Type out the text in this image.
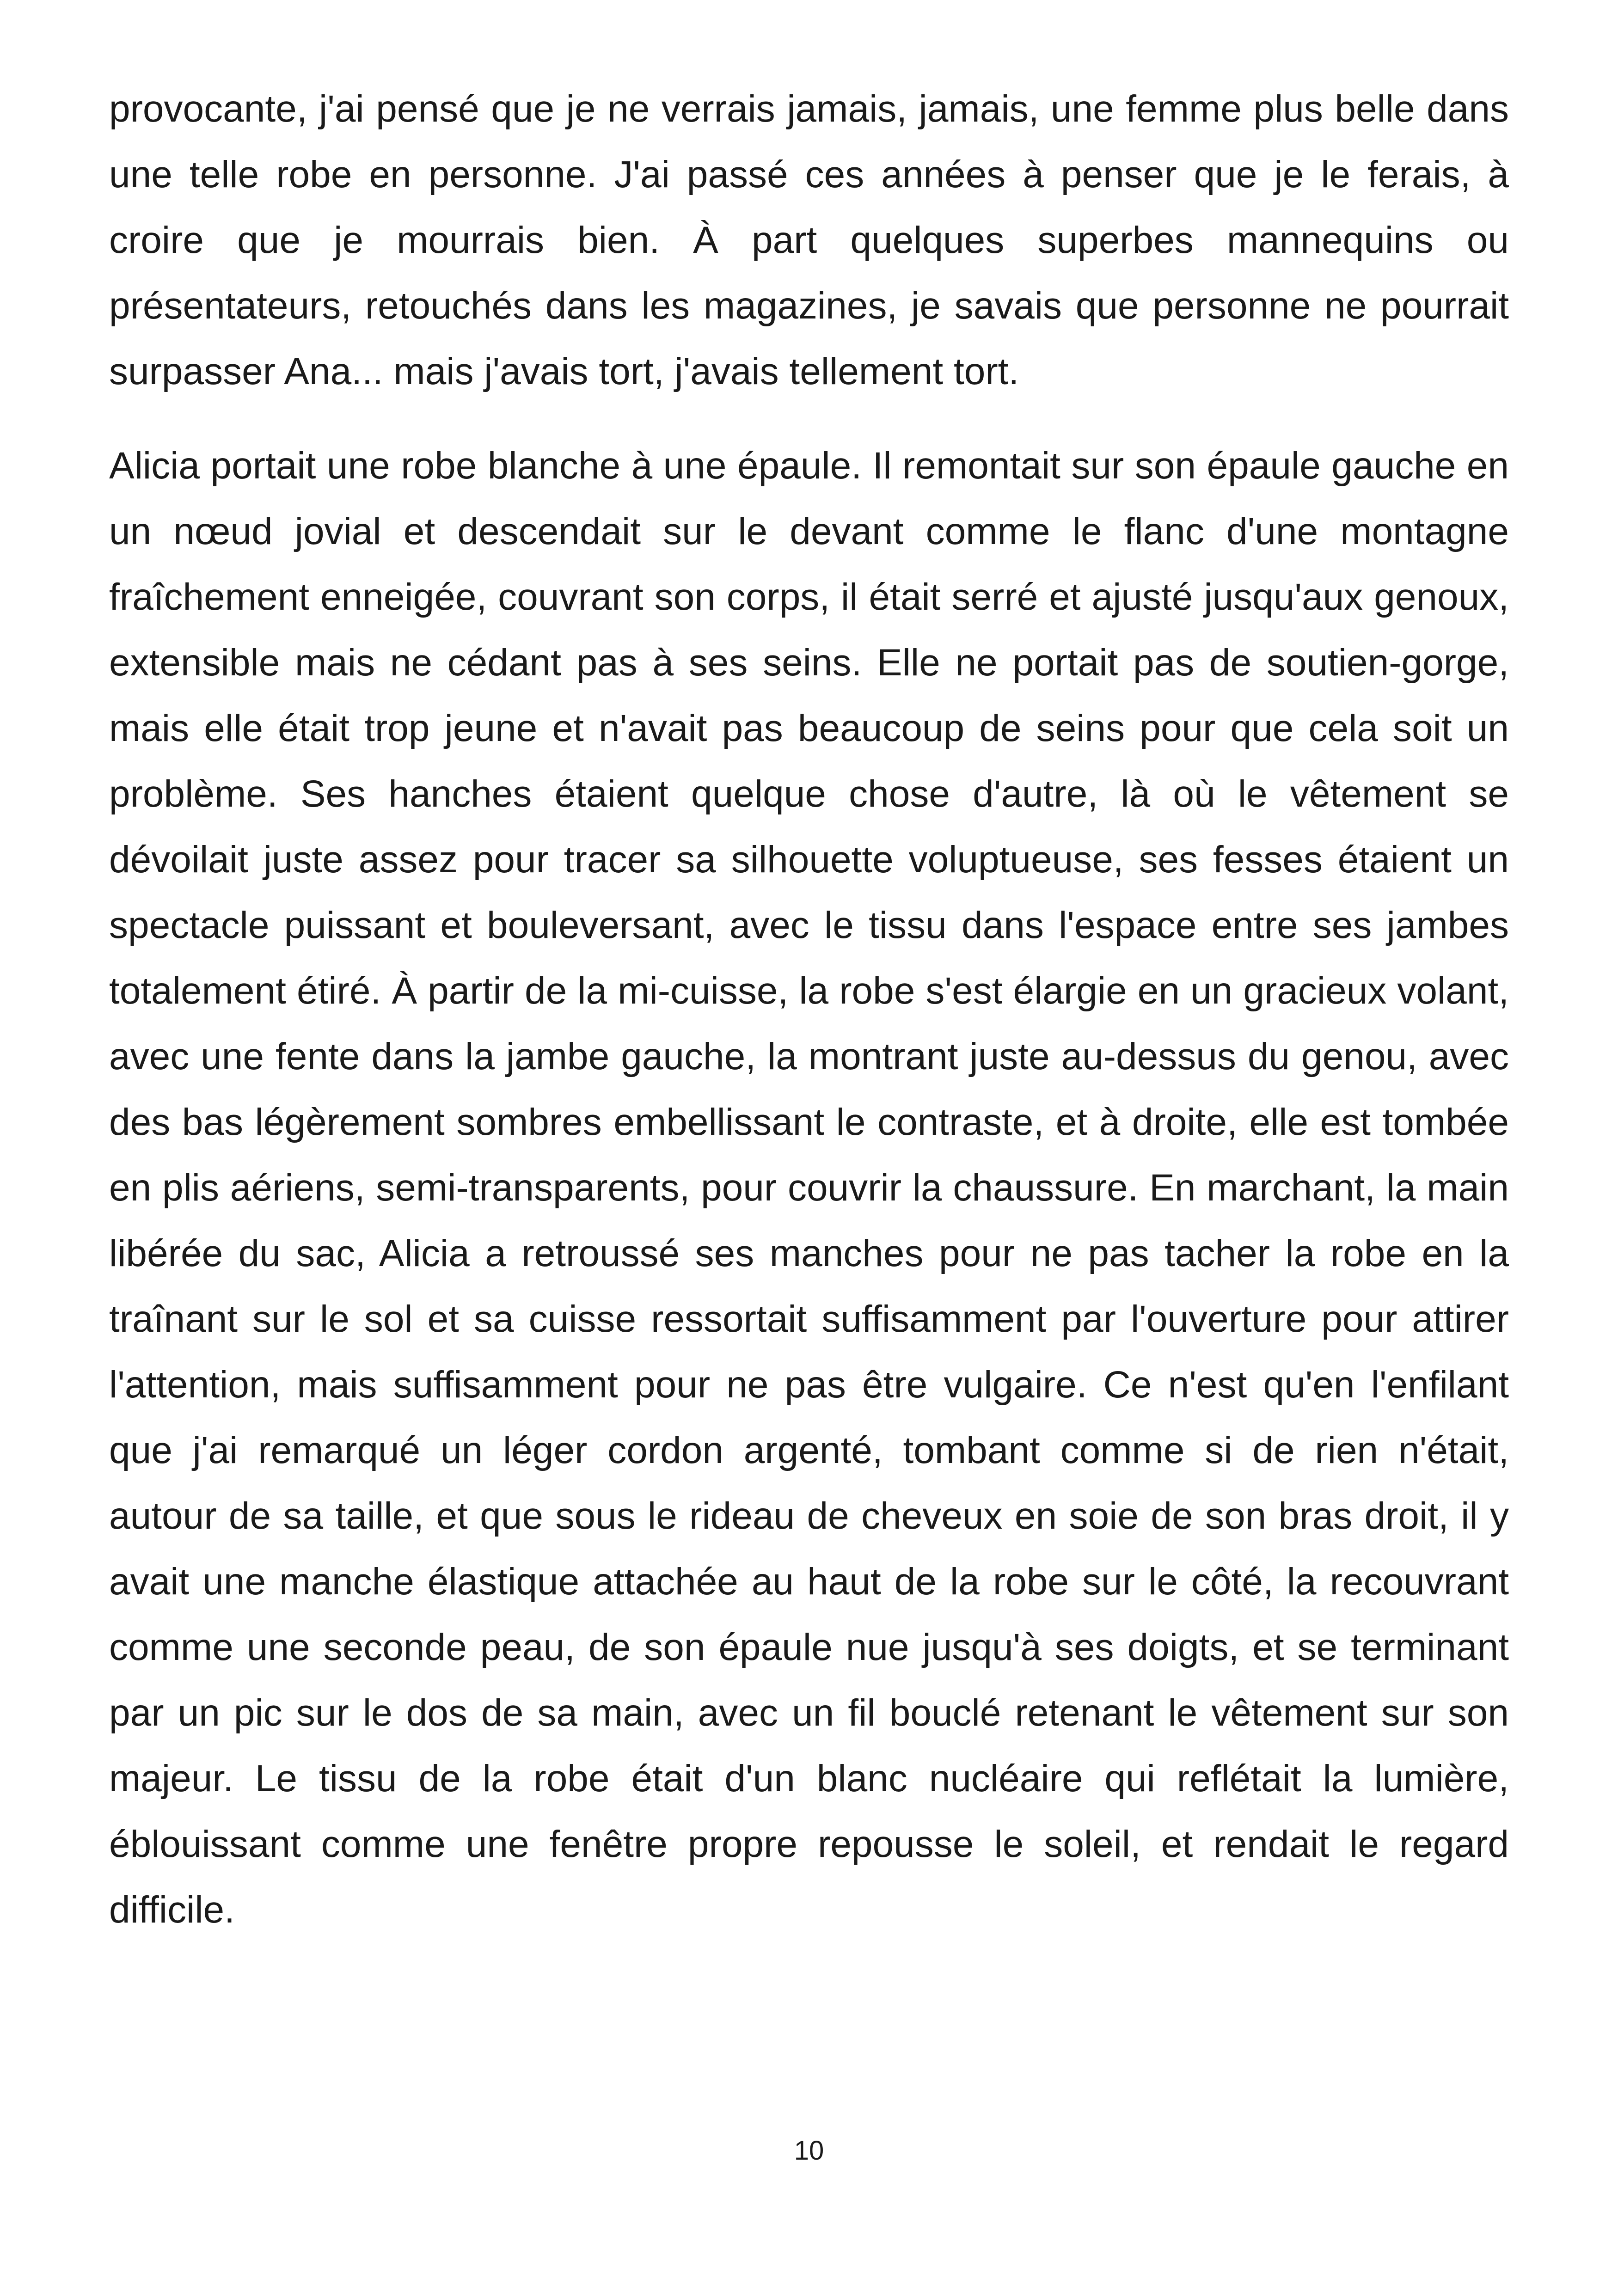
provocante, j'ai pensé que je ne verrais jamais, jamais, une femme plus belle dans une telle robe en personne. J'ai passé ces années à penser que je le ferais, à croire que je mourrais bien. À part quelques superbes mannequins ou présentateurs, retouchés dans les magazines, je savais que personne ne pourrait surpasser Ana... mais j'avais tort, j'avais tellement tort.

Alicia portait une robe blanche à une épaule. Il remontait sur son épaule gauche en un nœud jovial et descendait sur le devant comme le flanc d'une montagne fraîchement enneigée, couvrant son corps, il était serré et ajusté jusqu'aux genoux, extensible mais ne cédant pas à ses seins. Elle ne portait pas de soutien-gorge, mais elle était trop jeune et n'avait pas beaucoup de seins pour que cela soit un problème. Ses hanches étaient quelque chose d'autre, là où le vêtement se dévoilait juste assez pour tracer sa silhouette voluptueuse, ses fesses étaient un spectacle puissant et bouleversant, avec le tissu dans l'espace entre ses jambes totalement étiré. À partir de la mi-cuisse, la robe s'est élargie en un gracieux volant, avec une fente dans la jambe gauche, la montrant juste au-dessus du genou, avec des bas légèrement sombres embellissant le contraste, et à droite, elle est tombée en plis aériens, semi-transparents, pour couvrir la chaussure. En marchant, la main libérée du sac, Alicia a retroussé ses manches pour ne pas tacher la robe en la traînant sur le sol et sa cuisse ressortait suffisamment par l'ouverture pour attirer l'attention, mais suffisamment pour ne pas être vulgaire. Ce n'est qu'en l'enfilant que j'ai remarqué un léger cordon argenté, tombant comme si de rien n'était, autour de sa taille, et que sous le rideau de cheveux en soie de son bras droit, il y avait une manche élastique attachée au haut de la robe sur le côté, la recouvrant comme une seconde peau, de son épaule nue jusqu'à ses doigts, et se terminant par un pic sur le dos de sa main, avec un fil bouclé retenant le vêtement sur son majeur. Le tissu de la robe était d'un blanc nucléaire qui reflétait la lumière, éblouissant comme une fenêtre propre repousse le soleil, et rendait le regard difficile.

10
